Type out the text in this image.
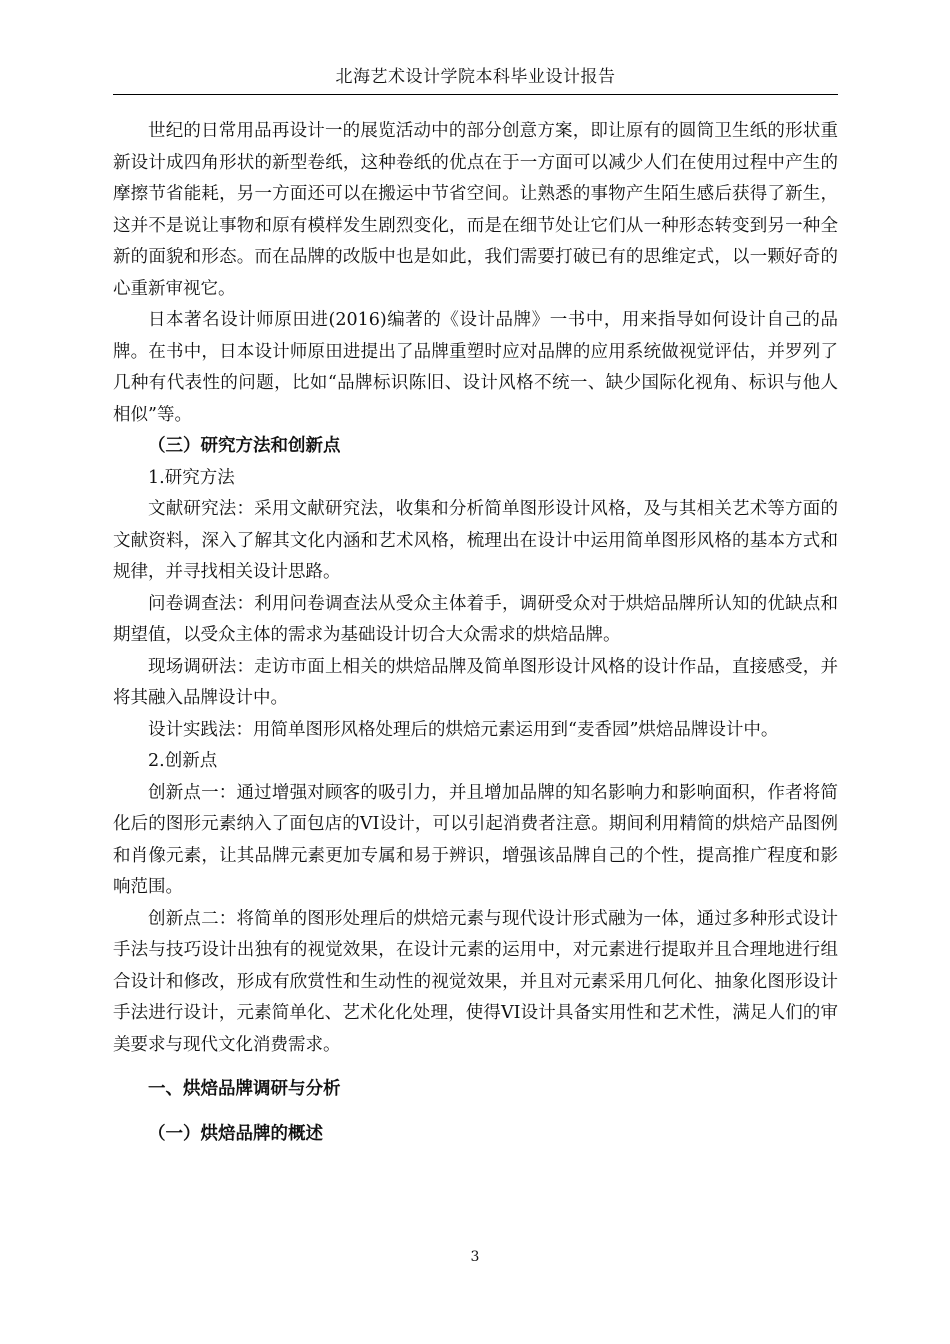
北海艺术设计学院本科毕业设计报告

世纪的日常用品再设计一的展览活动中的部分创意方案，即让原有的圆筒卫生纸的形状重新设计成四角形状的新型卷纸，这种卷纸的优点在于一方面可以减少人们在使用过程中产生的摩擦节省能耗，另一方面还可以在搬运中节省空间。让熟悉的事物产生陌生感后获得了新生，这并不是说让事物和原有模样发生剧烈变化，而是在细节处让它们从一种形态转变到另一种全新的面貌和形态。而在品牌的改版中也是如此，我们需要打破已有的思维定式，以一颗好奇的心重新审视它。

日本著名设计师原田进(2016)编著的《设计品牌》一书中，用来指导如何设计自己的品牌。在书中，日本设计师原田进提出了品牌重塑时应对品牌的应用系统做视觉评估，并罗列了几种有代表性的问题，比如“品牌标识陈旧、设计风格不统一、缺少国际化视角、标识与他人相似”等。

（三）研究方法和创新点

1.研究方法

文献研究法：采用文献研究法，收集和分析简单图形设计风格，及与其相关艺术等方面的文献资料，深入了解其文化内涵和艺术风格，梳理出在设计中运用简单图形风格的基本方式和规律，并寻找相关设计思路。

问卷调查法：利用问卷调查法从受众主体着手，调研受众对于烘焙品牌所认知的优缺点和期望值，以受众主体的需求为基础设计切合大众需求的烘焙品牌。

现场调研法：走访市面上相关的烘焙品牌及简单图形设计风格的设计作品，直接感受，并将其融入品牌设计中。

设计实践法：用简单图形风格处理后的烘焙元素运用到“麦香园”烘焙品牌设计中。

2.创新点

创新点一：通过增强对顾客的吸引力，并且增加品牌的知名影响力和影响面积，作者将简化后的图形元素纳入了面包店的VI设计，可以引起消费者注意。期间利用精简的烘焙产品图例和肖像元素，让其品牌元素更加专属和易于辨识，增强该品牌自己的个性，提高推广程度和影响范围。

创新点二：将简单的图形处理后的烘焙元素与现代设计形式融为一体，通过多种形式设计手法与技巧设计出独有的视觉效果，在设计元素的运用中，对元素进行提取并且合理地进行组合设计和修改，形成有欣赏性和生动性的视觉效果，并且对元素采用几何化、抽象化图形设计手法进行设计，元素简单化、艺术化化处理，使得VI设计具备实用性和艺术性，满足人们的审美要求与现代文化消费需求。

一、烘焙品牌调研与分析

（一）烘焙品牌的概述

3
